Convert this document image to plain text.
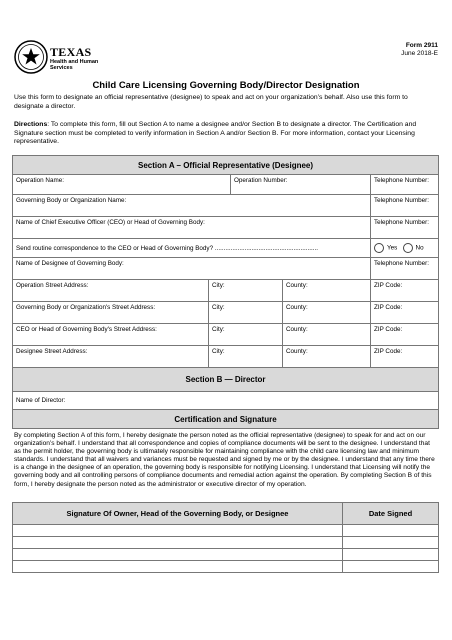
TEXAS
Health and Human Services
Form 2911
June 2018-E
Child Care Licensing Governing Body/Director Designation
Use this form to designate an official representative (designee) to speak and act on your organization’s behalf. Also use this form to designate a director.
Directions: To complete this form, fill out Section A to name a designee and/or Section B to designate a director. The Certification and Signature section must be completed to verify information in Section A and/or Section B. For more information, contact your Licensing representative.
Section A – Official Representative (Designee)				
Operation Name:		Operation Number:		Telephone Number:
Governing Body or Organization Name:				Telephone Number:
Name of Chief Executive Officer (CEO) or Head of Governing Body:				Telephone Number:
Send routine correspondence to the CEO or Head of Governing Body? ...........................................................				Yes No
Name of Designee of Governing Body:				Telephone Number:
Operation Street Address:	City:		County:	ZIP Code:
Governing Body or Organization's Street Address:	City:		County:	ZIP Code:
CEO or Head of Governing Body's Street Address:	City:		County:	ZIP Code:
Designee Street Address:	City:		County:	ZIP Code:
Section B — Director				
Name of Director:				
Certification and Signature				
By completing Section A of this form, I hereby designate the person noted as the official representative (designee) to speak for and act on our organization’s behalf. I understand that all correspondence and copies of compliance documents will be sent to the designee. I understand that as the permit holder, the governing body is ultimately responsible for maintaining compliance with the child care licensing law and minimum standards. I understand that all waivers and variances must be requested and signed by me or by the designee. I understand that any time there is a change in the designee of an operation, the governing body is responsible for notifying Licensing. I understand that Licensing will notify the governing body and all controlling persons of compliance documents and remedial action against the operation. By completing Section B of this form, I hereby designate the person noted as the administrator or executive director of my operation.
Signature Of Owner, Head of the Governing Body, or Designee	Date Signed
